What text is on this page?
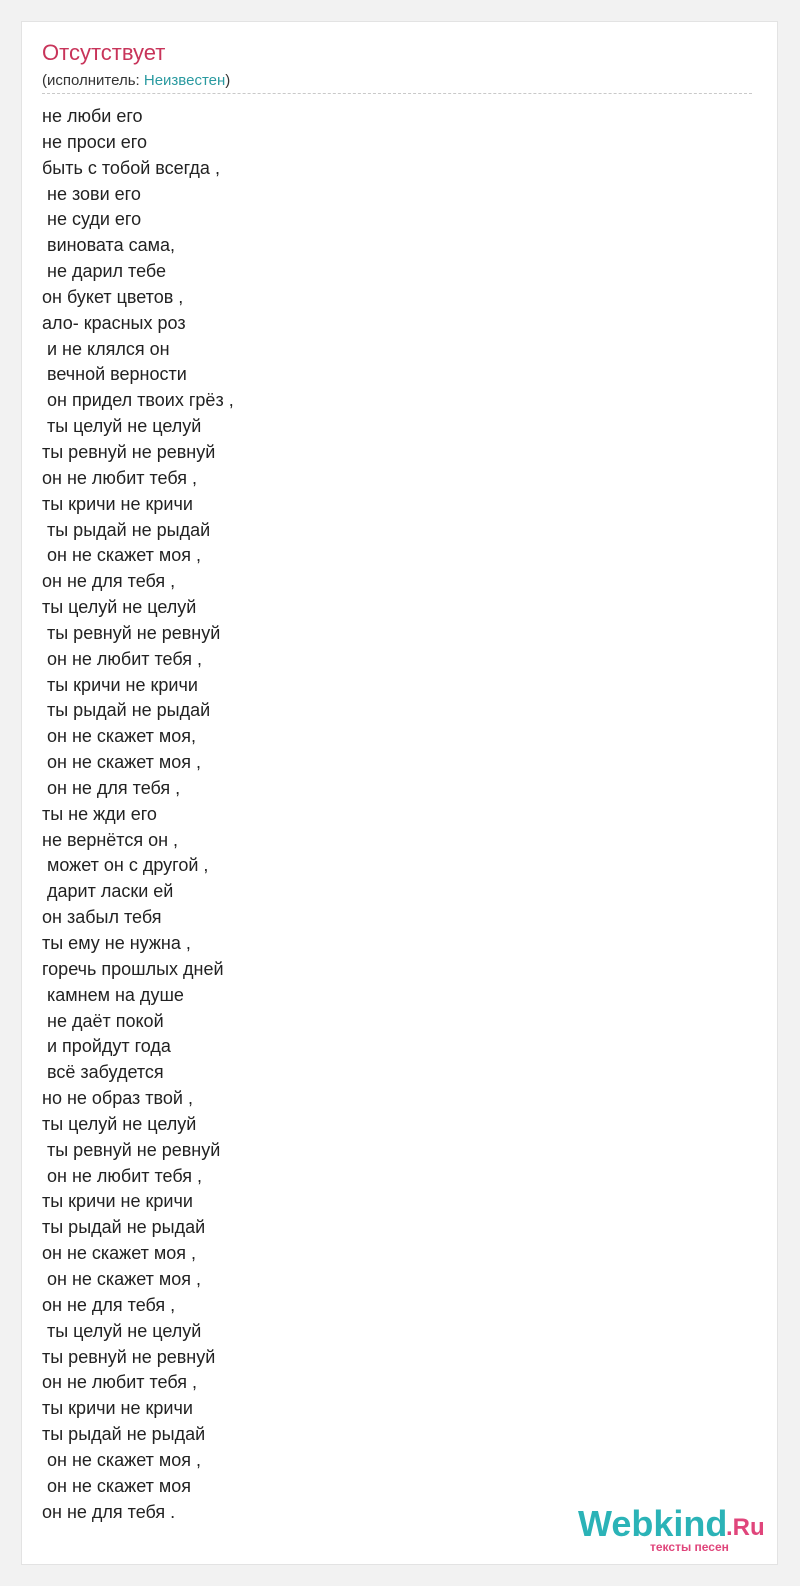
Отсутствует
(исполнитель: Неизвестен)
не люби его
не проси его
быть с тобой всегда ,
не зови его
не суди его
виновата сама,
не дарил тебе
он букет цветов ,
ало- красных роз
и не клялся он
вечной верности
он придел твоих грёз ,
ты целуй не целуй
ты ревнуй не ревнуй
он не любит тебя ,
ты кричи не кричи
ты рыдай не рыдай
он не скажет моя ,
он не для тебя ,
ты целуй не целуй
ты ревнуй не ревнуй
он не любит тебя ,
ты кричи не кричи
ты рыдай не рыдай
он не скажет моя,
он не скажет моя ,
он не для тебя ,
ты не жди его
не вернётся он ,
может он с другой ,
дарит ласки ей
он забыл тебя
ты ему не нужна ,
горечь прошлых дней
камнем на душе
не даёт покой
и пройдут года
всё забудется
но не образ твой ,
ты целуй не целуй
ты ревнуй не ревнуй
он не любит тебя ,
ты кричи не кричи
ты рыдай не рыдай
он не скажет моя ,
он не скажет моя ,
он не для тебя ,
ты целуй не целуй
ты ревнуй не ревнуй
он не любит тебя ,
ты кричи не кричи
ты рыдай не рыдай
он не скажет моя ,
он не скажет моя
он не для тебя .	Webkind
.Ru
тексты песен
